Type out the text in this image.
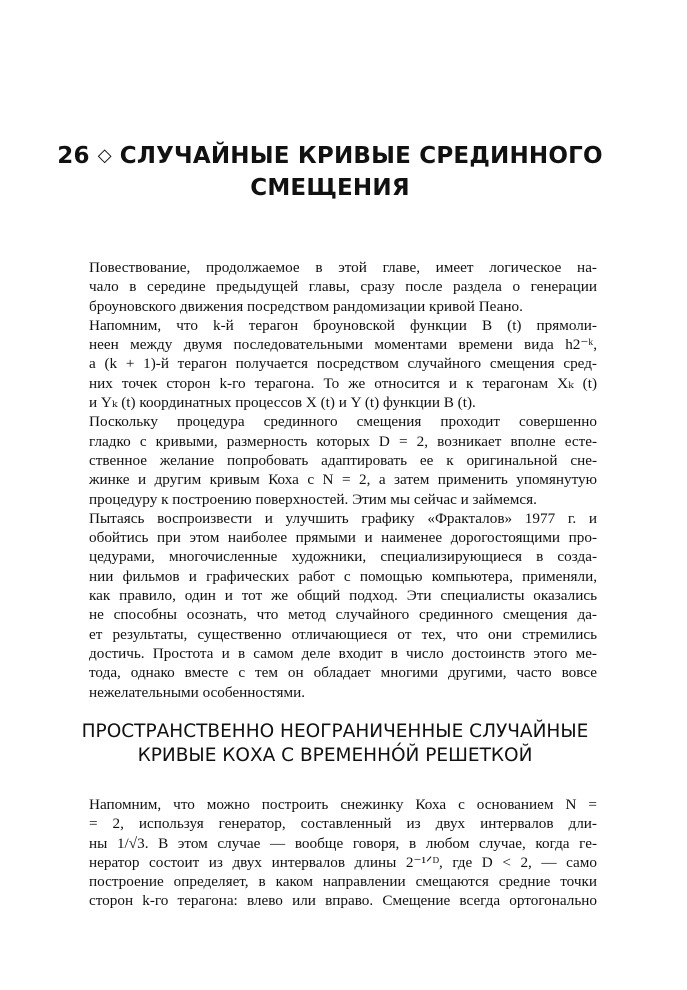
26 ◇ СЛУЧАЙНЫЕ КРИВЫЕ СРЕДИННОГО
СМЕЩЕНИЯ
Повествование, продолжаемое в этой главе, имеет логическое на-
чало в середине предыдущей главы, сразу после раздела о генерации
броуновского движения посредством рандомизации кривой Пеано.
Напомним, что k-й терагон броуновской функции B (t) прямоли-
неен между двумя последовательными моментами времени вида h2⁻ᵏ,
а (k + 1)-й терагон получается посредством случайного смещения сред-
них точек сторон k-го терагона. То же относится и к терагонам Xₖ (t)
и Yₖ (t) координатных процессов X (t) и Y (t) функции B (t).
Поскольку процедура срединного смещения проходит совершенно
гладко с кривыми, размерность которых D = 2, возникает вполне есте-
ственное желание попробовать адаптировать ее к оригинальной сне-
жинке и другим кривым Коха с N = 2, а затем применить упомянутую
процедуру к построению поверхностей. Этим мы сейчас и займемся.
Пытаясь воспроизвести и улучшить графику «Фракталов» 1977 г. и
обойтись при этом наиболее прямыми и наименее дорогостоящими про-
цедурами, многочисленные художники, специализирующиеся в созда-
нии фильмов и графических работ с помощью компьютера, применяли,
как правило, один и тот же общий подход. Эти специалисты оказались
не способны осознать, что метод случайного срединного смещения да-
ет результаты, существенно отличающиеся от тех, что они стремились
достичь. Простота и в самом деле входит в число достоинств этого ме-
тода, однако вместе с тем он обладает многими другими, часто вовсе
нежелательными особенностями.
ПРОСТРАНСТВЕННО НЕОГРАНИЧЕННЫЕ СЛУЧАЙНЫЕ
КРИВЫЕ КОХА С ВРЕМЕННО́Й РЕШЕТКОЙ
Напомним, что можно построить снежинку Коха с основанием N =
= 2, используя генератор, составленный из двух интервалов дли-
ны 1/√3. В этом случае — вообще говоря, в любом случае, когда ге-
нератор состоит из двух интервалов длины 2⁻¹ᐟᴰ, где D < 2, — само
построение определяет, в каком направлении смещаются средние точки
сторон k-го терагона: влево или вправо. Смещение всегда ортогонально
